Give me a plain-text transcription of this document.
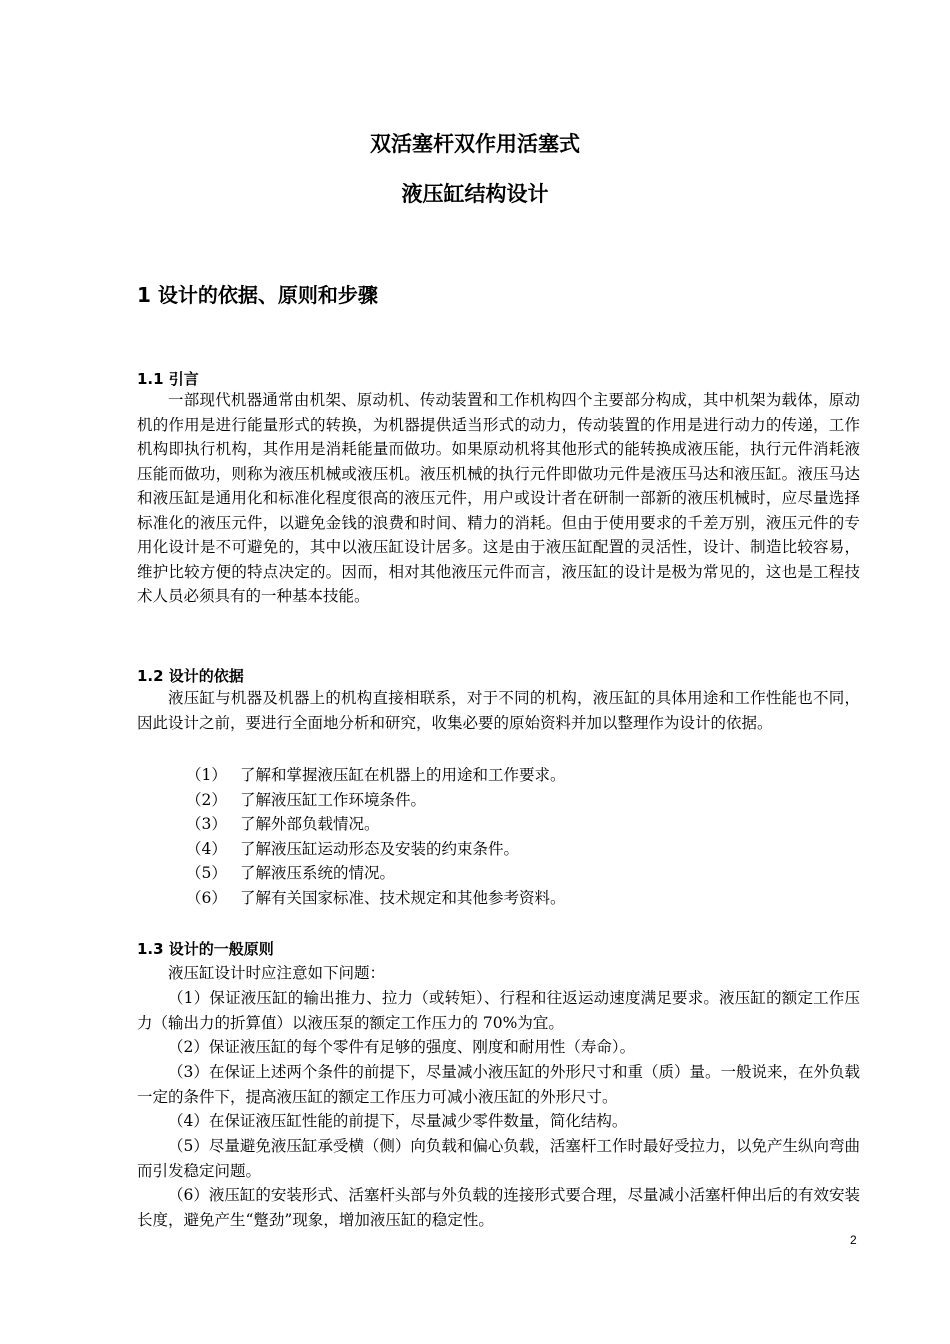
双活塞杆双作用活塞式
液压缸结构设计
1 设计的依据、原则和步骤
1.1 引言

一部现代机器通常由机架、原动机、传动装置和工作机构四个主要部分构成，其中机架为载体，原动机的作用是进行能量形式的转换，为机器提供适当形式的动力，传动装置的作用是进行动力的传递，工作机构即执行机构，其作用是消耗能量而做功。如果原动机将其他形式的能转换成液压能，执行元件消耗液压能而做功，则称为液压机械或液压机。液压机械的执行元件即做功元件是液压马达和液压缸。液压马达和液压缸是通用化和标准化程度很高的液压元件，用户或设计者在研制一部新的液压机械时，应尽量选择标准化的液压元件，以避免金钱的浪费和时间、精力的消耗。但由于使用要求的千差万别，液压元件的专用化设计是不可避免的，其中以液压缸设计居多。这是由于液压缸配置的灵活性，设计、制造比较容易，维护比较方便的特点决定的。因而，相对其他液压元件而言，液压缸的设计是极为常见的，这也是工程技术人员必须具有的一种基本技能。

1.2 设计的依据

液压缸与机器及机器上的机构直接相联系，对于不同的机构，液压缸的具体用途和工作性能也不同，因此设计之前，要进行全面地分析和研究，收集必要的原始资料并加以整理作为设计的依据。

（1） 了解和掌握液压缸在机器上的用途和工作要求。
（2） 了解液压缸工作环境条件。
（3） 了解外部负载情况。
（4） 了解液压缸运动形态及安装的约束条件。
（5） 了解液压系统的情况。
（6） 了解有关国家标准、技术规定和其他参考资料。
1.3 设计的一般原则

液压缸设计时应注意如下问题：

（1）保证液压缸的输出推力、拉力（或转矩）、行程和往返运动速度满足要求。液压缸的额定工作压力（输出力的折算值）以液压泵的额定工作压力的 70%为宜。

（2）保证液压缸的每个零件有足够的强度、刚度和耐用性（寿命）。

（3）在保证上述两个条件的前提下，尽量减小液压缸的外形尺寸和重（质）量。一般说来，在外负载一定的条件下，提高液压缸的额定工作压力可减小液压缸的外形尺寸。

（4）在保证液压缸性能的前提下，尽量减少零件数量，简化结构。

（5）尽量避免液压缸承受横（侧）向负载和偏心负载，活塞杆工作时最好受拉力，以免产生纵向弯曲而引发稳定问题。

（6）液压缸的安装形式、活塞杆头部与外负载的连接形式要合理，尽量减小活塞杆伸出后的有效安装长度，避免产生“蹩劲”现象，增加液压缸的稳定性。

2
